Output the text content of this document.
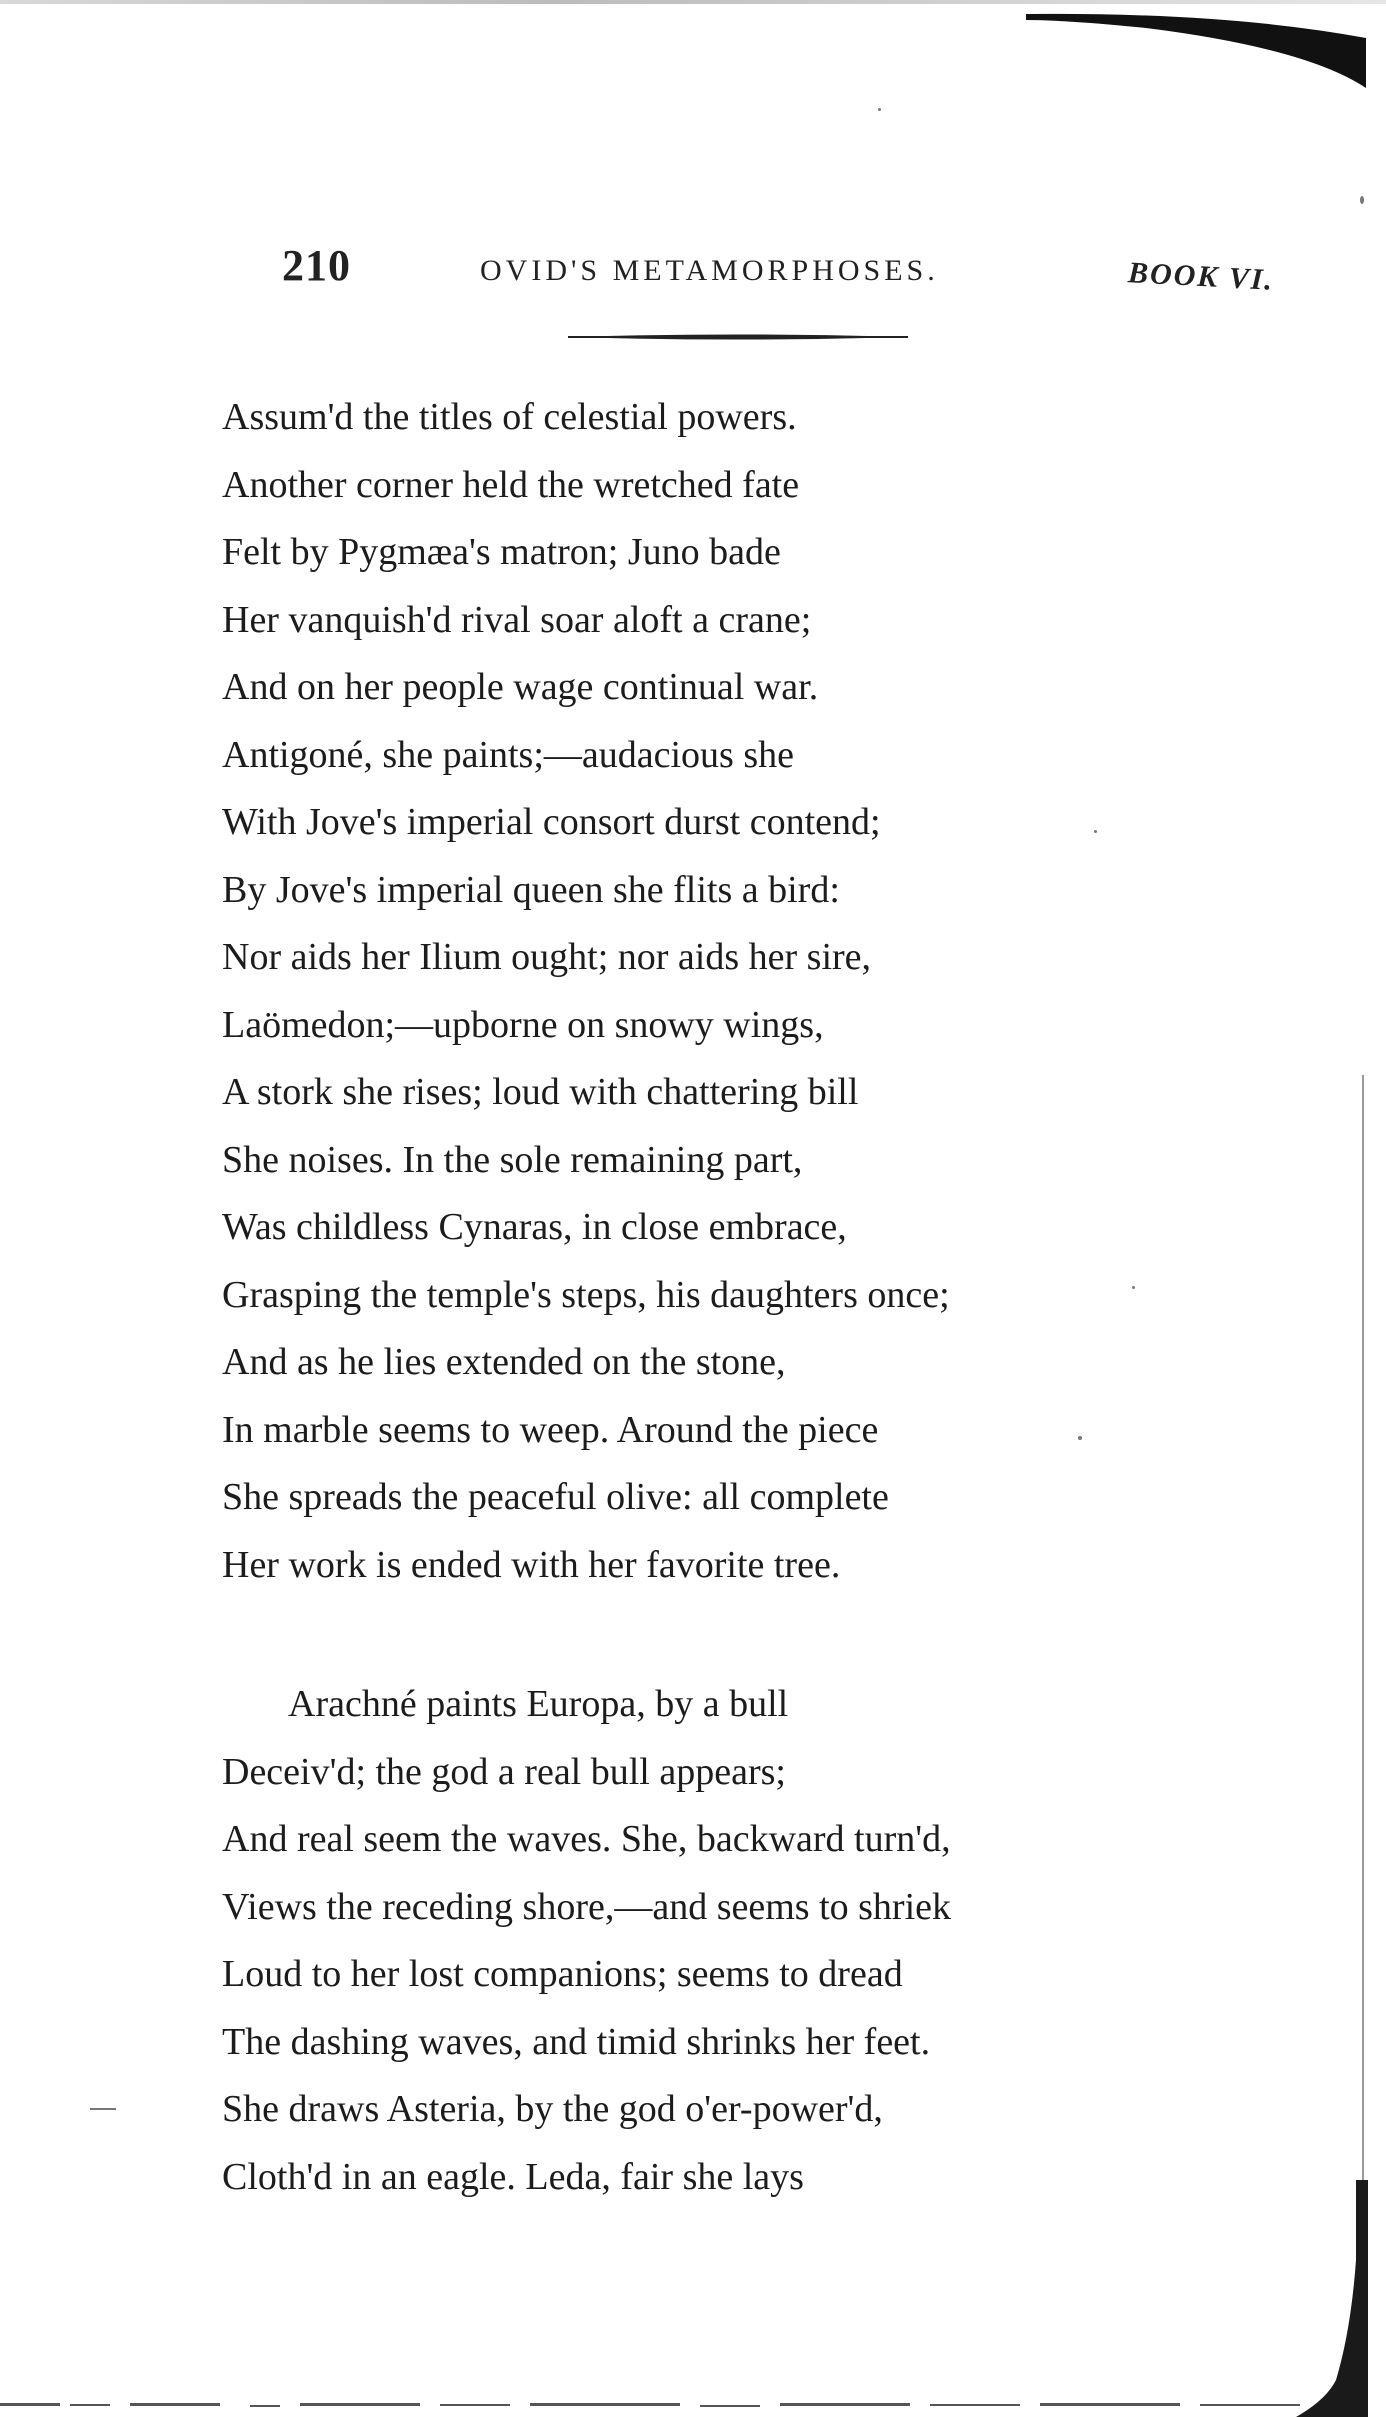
210	OVID'S METAMORPHOSES.	BOOK VI.
Assum'd the titles of celestial powers.
Another corner held the wretched fate
Felt by Pygmæa's matron; Juno bade
Her vanquish'd rival soar aloft a crane;
And on her people wage continual war.
Antigoné, she paints;—audacious she
With Jove's imperial consort durst contend;
By Jove's imperial queen she flits a bird:
Nor aids her Ilium ought; nor aids her sire,
Laömedon;—upborne on snowy wings,
A stork she rises; loud with chattering bill
She noises. In the sole remaining part,
Was childless Cynaras, in close embrace,
Grasping the temple's steps, his daughters once;
And as he lies extended on the stone,
In marble seems to weep. Around the piece
She spreads the peaceful olive: all complete
Her work is ended with her favorite tree.
Arachné paints Europa, by a bull
Deceiv'd; the god a real bull appears;
And real seem the waves. She, backward turn'd,
Views the receding shore,—and seems to shriek
Loud to her lost companions; seems to dread
The dashing waves, and timid shrinks her feet.
She draws Asteria, by the god o'er-power'd,
Cloth'd in an eagle. Leda, fair she lays
